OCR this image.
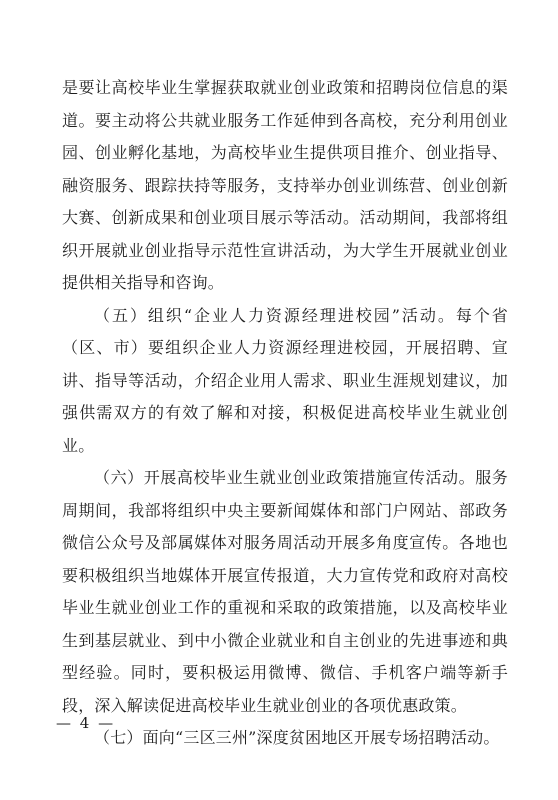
是要让高校毕业生掌握获取就业创业政策和招聘岗位信息的渠道。要主动将公共就业服务工作延伸到各高校，充分利用创业园、创业孵化基地，为高校毕业生提供项目推介、创业指导、融资服务、跟踪扶持等服务，支持举办创业训练营、创业创新大赛、创新成果和创业项目展示等活动。活动期间，我部将组织开展就业创业指导示范性宣讲活动，为大学生开展就业创业提供相关指导和咨询。

（五）组织“企业人力资源经理进校园”活动。每个省（区、市）要组织企业人力资源经理进校园，开展招聘、宣讲、指导等活动，介绍企业用人需求、职业生涯规划建议，加强供需双方的有效了解和对接，积极促进高校毕业生就业创业。

（六）开展高校毕业生就业创业政策措施宣传活动。服务周期间，我部将组织中央主要新闻媒体和部门户网站、部政务微信公众号及部属媒体对服务周活动开展多角度宣传。各地也要积极组织当地媒体开展宣传报道，大力宣传党和政府对高校毕业生就业创业工作的重视和采取的政策措施，以及高校毕业生到基层就业、到中小微企业就业和自主创业的先进事迹和典型经验。同时，要积极运用微博、微信、手机客户端等新手段，深入解读促进高校毕业生就业创业的各项优惠政策。

（七）面向“三区三州”深度贫困地区开展专场招聘活动。

— 4 —
